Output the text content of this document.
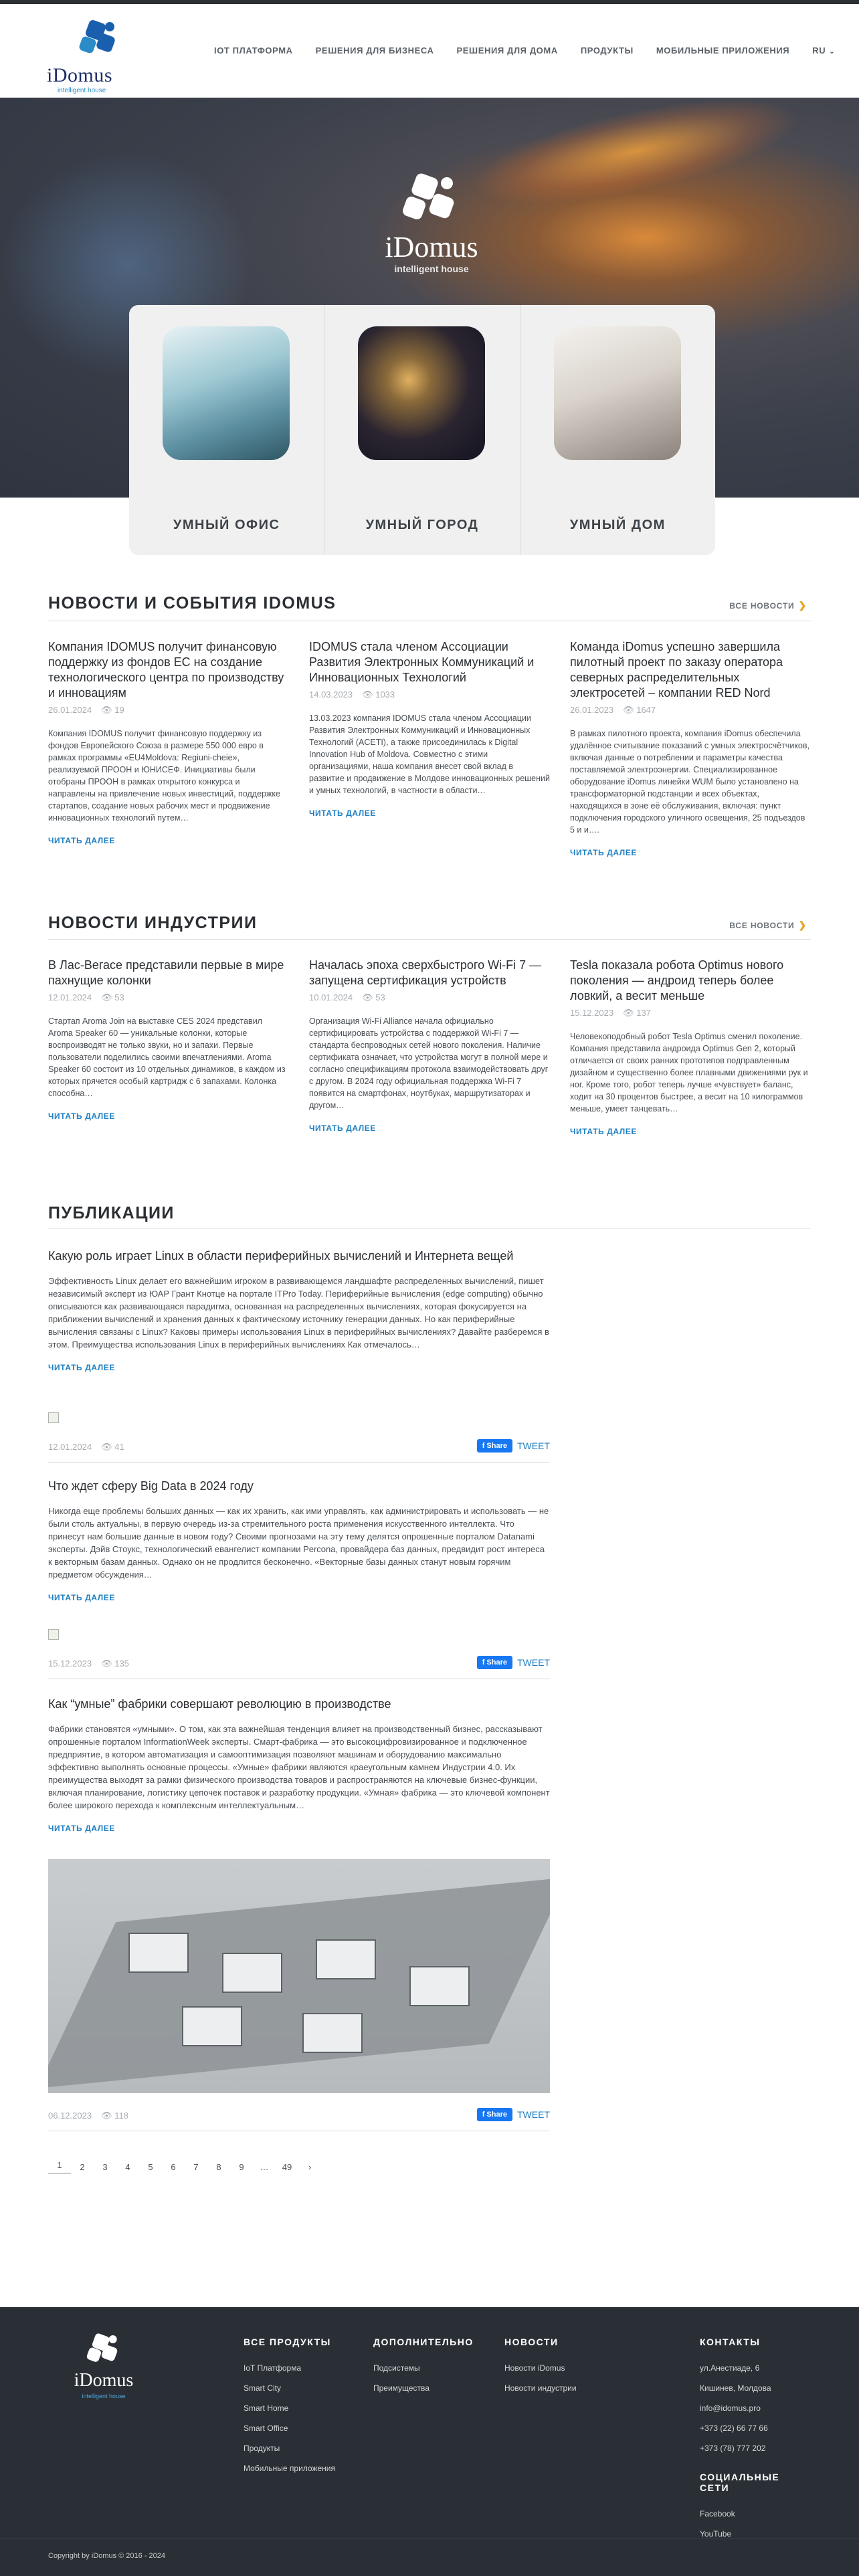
iDomus
intelligent house
IOT ПЛАТФОРМА	РЕШЕНИЯ ДЛЯ БИЗНЕСА	РЕШЕНИЯ ДЛЯ ДОМА	ПРОДУКТЫ	МОБИЛЬНЫЕ ПРИЛОЖЕНИЯ	RU ⌄
iDomus
intelligent house
УМНЫЙ ОФИС	УМНЫЙ ГОРОД	УМНЫЙ ДОМ
НОВОСТИ И СОБЫТИЯ IDOMUS	ВСЕ НОВОСТИ ❯
Компания IDOMUS получит финансовую поддержку из фондов ЕС на создание технологического центра по производству и инновациям
26.01.2024 👁 19
Компания IDOMUS получит финансовую поддержку из фондов Европейского Союза в размере 550 000 евро в рамках программы «EU4Moldova: Regiuni-cheie», реализуемой ПРООН и ЮНИСЕФ. Инициативы были отобраны ПРООН в рамках открытого конкурса и направлены на привлечение новых инвестиций, поддержке стартапов, создание новых рабочих мест и продвижение инновационных технологий путем…
ЧИТАТЬ ДАЛЕЕ
IDOMUS стала членом Ассоциации Развития Электронных Коммуникаций и Инновационных Технологий
14.03.2023 👁 1033
13.03.2023 компания IDOMUS стала членом Ассоциации Развития Электронных Коммуникаций и Инновационных Технологий (ACETI), а также присоединилась к Digital Innovation Hub of Moldova. Совместно с этими организациями, наша компания внесет свой вклад в развитие и продвижение в Молдове инновационных решений и умных технологий, в частности в области…
ЧИТАТЬ ДАЛЕЕ
Команда iDomus успешно завершила пилотный проект по заказу оператора северных распределительных электросетей – компании RED Nord
26.01.2023 👁 1647
В рамках пилотного проекта, компания iDomus обеспечила удалённое считывание показаний с умных электросчётчиков, включая данные о потреблении и параметры качества поставляемой электроэнергии. Специализированное оборудование iDomus линейки WUM было установлено на трансформаторной подстанции и всех объектах, находящихся в зоне её обслуживания, включая: пункт подключения городского уличного освещения, 25 подъездов 5 и и….
ЧИТАТЬ ДАЛЕЕ
НОВОСТИ ИНДУСТРИИ	ВСЕ НОВОСТИ ❯
В Лас-Вегасе представили первые в мире пахнущие колонки
12.01.2024 👁 53
Стартап Aroma Join на выставке CES 2024 представил Aroma Speaker 60 — уникальные колонки, которые воспроизводят не только звуки, но и запахи. Первые пользователи поделились своими впечатлениями. Aroma Speaker 60 состоит из 10 отдельных динамиков, в каждом из которых прячется особый картридж с 6 запахами. Колонка способна…
ЧИТАТЬ ДАЛЕЕ
Началась эпоха сверхбыстрого Wi-Fi 7 — запущена сертификация устройств
10.01.2024 👁 53
Организация Wi-Fi Alliance начала официально сертифицировать устройства с поддержкой Wi-Fi 7 — стандарта беспроводных сетей нового поколения. Наличие сертификата означает, что устройства могут в полной мере и согласно спецификациям протокола взаимодействовать друг с другом. В 2024 году официальная поддержка Wi-Fi 7 появится на смартфонах, ноутбуках, маршрутизаторах и другом…
ЧИТАТЬ ДАЛЕЕ
Tesla показала робота Optimus нового поколения — андроид теперь более ловкий, а весит меньше
15.12.2023 👁 137
Человекоподобный робот Tesla Optimus сменил поколение. Компания представила андроида Optimus Gen 2, который отличается от своих ранних прототипов подправленным дизайном и существенно более плавными движениями рук и ног. Кроме того, робот теперь лучше «чувствует» баланс, ходит на 30 процентов быстрее, а весит на 10 килограммов меньше, умеет танцевать…
ЧИТАТЬ ДАЛЕЕ
ПУБЛИКАЦИИ
Какую роль играет Linux в области периферийных вычислений и Интернета вещей
Эффективность Linux делает его важнейшим игроком в развивающемся ландшафте распределенных вычислений, пишет независимый эксперт из ЮАР Грант Кнотце на портале ITPro Today. Периферийные вычисления (edge computing) обычно описываются как развивающаяся парадигма, основанная на распределенных вычислениях, которая фокусируется на приближении вычислений и хранения данных к фактическому источнику генерации данных. Но как периферийные вычисления связаны с Linux? Каковы примеры использования Linux в периферийных вычислениях? Давайте разберемся в этом. Преимущества использования Linux в периферийных вычислениях Как отмечалось…
ЧИТАТЬ ДАЛЕЕ
12.01.2024 👁 41	f Share	TWEET
Что ждет сферу Big Data в 2024 году
Никогда еще проблемы больших данных — как их хранить, как ими управлять, как администрировать и использовать — не были столь актуальны, в первую очередь из-за стремительного роста применения искусственного интеллекта. Что принесут нам большие данные в новом году? Своими прогнозами на эту тему делятся опрошенные порталом Datanami эксперты. Дэйв Стоукс, технологический евангелист компании Percona, провайдера баз данных, предвидит рост интереса к векторным базам данных. Однако он не продлится бесконечно. «Векторные базы данных станут новым горячим предметом обсуждения…
ЧИТАТЬ ДАЛЕЕ
15.12.2023 👁 135	f Share	TWEET
Как “умные” фабрики совершают революцию в производстве
Фабрики становятся «умными». О том, как эта важнейшая тенденция влияет на производственный бизнес, рассказывают опрошенные порталом InformationWeek эксперты. Смарт-фабрика — это высокоцифровизированное и подключенное предприятие, в котором автоматизация и самооптимизация позволяют машинам и оборудованию максимально эффективно выполнять основные процессы. «Умные» фабрики являются краеугольным камнем Индустрии 4.0. Их преимущества выходят за рамки физического производства товаров и распространяются на ключевые бизнес-функции, включая планирование, логистику цепочек поставок и разработку продукции. «Умная» фабрика — это ключевой компонент более широкого перехода к комплексным интеллектуальным…
ЧИТАТЬ ДАЛЕЕ
06.12.2023 👁 118	f Share	TWEET
1	2	3	4	5	6	7	8	9	…	49	›
iDomus
intelligent house
ВСЕ ПРОДУКТЫ
IoT Платформа
Smart City
Smart Home
Smart Office
Продукты
Мобильные приложения
ДОПОЛНИТЕЛЬНО
Подсистемы
Преимущества
НОВОСТИ
Новости iDomus
Новости индустрии
КОНТАКТЫ
ул.Анестиаде, 6
Кишинев, Молдова
info@idomus.pro
+373 (22) 66 77 66
+373 (78) 777 202
СОЦИАЛЬНЫЕ СЕТИ
Facebook
YouTube
Copyright by iDomus © 2016 - 2024
